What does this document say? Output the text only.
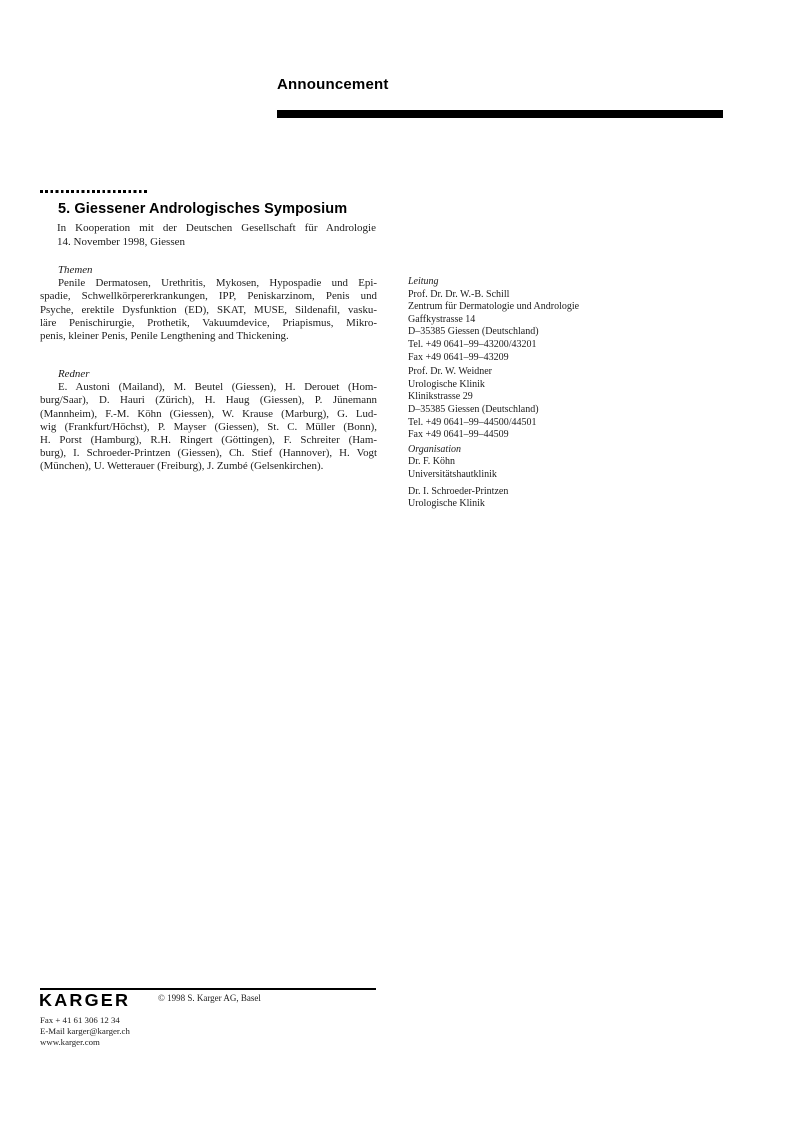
Announcement
5. Giessener Andrologisches Symposium
In Kooperation mit der Deutschen Gesellschaft für Andrologie
14. November 1998, Giessen
Themen
Penile Dermatosen, Urethritis, Mykosen, Hypospadie und Epi-
spadie, Schwellkörpererkrankungen, IPP, Peniskarzinom, Penis und
Psyche, erektile Dysfunktion (ED), SKAT, MUSE, Sildenafil, vasku-
läre Penischirurgie, Prothetik, Vakuumdevice, Priapismus, Mikro-
penis, kleiner Penis, Penile Lengthening and Thickening.
Redner
E. Austoni (Mailand), M. Beutel (Giessen), H. Derouet (Hom-
burg/Saar), D. Hauri (Zürich), H. Haug (Giessen), P. Jünemann
(Mannheim), F.-M. Köhn (Giessen), W. Krause (Marburg), G. Lud-
wig (Frankfurt/Höchst), P. Mayser (Giessen), St. C. Müller (Bonn),
H. Porst (Hamburg), R.H. Ringert (Göttingen), F. Schreiter (Ham-
burg), I. Schroeder-Printzen (Giessen), Ch. Stief (Hannover), H. Vogt
(München), U. Wetterauer (Freiburg), J. Zumbé (Gelsenkirchen).
Leitung
Prof. Dr. Dr. W.-B. Schill
Zentrum für Dermatologie und Andrologie
Gaffkystrasse 14
D–35385 Giessen (Deutschland)
Tel. +49 0641–99–43200/43201
Fax +49 0641–99–43209
Prof. Dr. W. Weidner
Urologische Klinik
Klinikstrasse 29
D–35385 Giessen (Deutschland)
Tel. +49 0641–99–44500/44501
Fax +49 0641–99–44509
Organisation
Dr. F. Köhn
Universitätshautklinik
Dr. I. Schroeder-Printzen
Urologische Klinik
KARGER	© 1998 S. Karger AG, Basel
Fax + 41 61 306 12 34
E-Mail karger@karger.ch
www.karger.com
